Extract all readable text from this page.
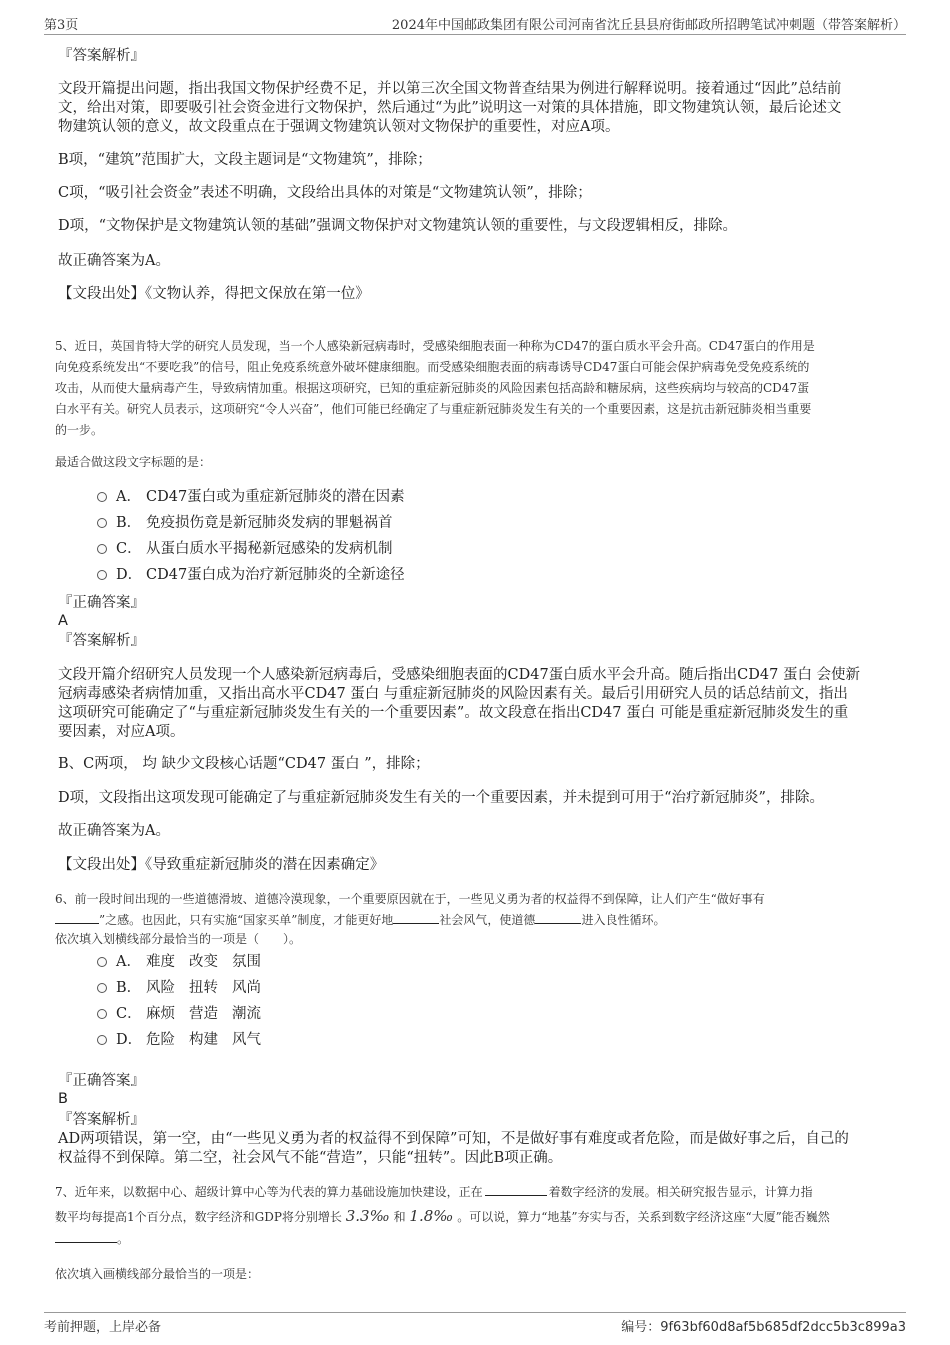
第3页	2024年中国邮政集团有限公司河南省沈丘县县府街邮政所招聘笔试冲刺题（带答案解析）
『答案解析』
文段开篇提出问题，指出我国文物保护经费不足，并以第三次全国文物普查结果为例进行解释说明。接着通过“因此”总结前
文，给出对策，即要吸引社会资金进行文物保护，然后通过“为此”说明这一对策的具体措施，即文物建筑认领，最后论述文
物建筑认领的意义，故文段重点在于强调文物建筑认领对文物保护的重要性，对应A项。
B项，“建筑”范围扩大，文段主题词是“文物建筑”，排除；
C项，“吸引社会资金”表述不明确，文段给出具体的对策是“文物建筑认领”，排除；
D项，“文物保护是文物建筑认领的基础”强调文物保护对文物建筑认领的重要性，与文段逻辑相反，排除。
故正确答案为A。
【文段出处】《文物认养，得把文保放在第一位》
5、近日，英国肯特大学的研究人员发现，当一个人感染新冠病毒时，受感染细胞表面一种称为CD47的蛋白质水平会升高。CD47蛋白的作用是
向免疫系统发出“不要吃我”的信号，阻止免疫系统意外破坏健康细胞。而受感染细胞表面的病毒诱导CD47蛋白可能会保护病毒免受免疫系统的
攻击，从而使大量病毒产生，导致病情加重。根据这项研究，已知的重症新冠肺炎的风险因素包括高龄和糖尿病，这些疾病均与较高的CD47蛋
白水平有关。研究人员表示，这项研究“令人兴奋”，他们可能已经确定了与重症新冠肺炎发生有关的一个重要因素，这是抗击新冠肺炎相当重要
的一步。
最适合做这段文字标题的是：
A． CD47蛋白或为重症新冠肺炎的潜在因素
B． 免疫损伤竟是新冠肺炎发病的罪魁祸首
C． 从蛋白质水平揭秘新冠感染的发病机制
D． CD47蛋白成为治疗新冠肺炎的全新途径
『正确答案』
A
『答案解析』
文段开篇介绍研究人员发现一个人感染新冠病毒后，受感染细胞表面的CD47蛋白质水平会升高。随后指出CD47 蛋白 会使新
冠病毒感染者病情加重，又指出高水平CD47 蛋白 与重症新冠肺炎的风险因素有关。最后引用研究人员的话总结前文，指出
这项研究可能确定了“与重症新冠肺炎发生有关的一个重要因素”。故文段意在指出CD47 蛋白 可能是重症新冠肺炎发生的重
要因素，对应A项。
B、C两项， 均 缺少文段核心话题“CD47 蛋白 ”，排除；
D项，文段指出这项发现可能确定了与重症新冠肺炎发生有关的一个重要因素，并未提到可用于“治疗新冠肺炎”，排除。
故正确答案为A。
【文段出处】《导致重症新冠肺炎的潜在因素确定》
6、前一段时间出现的一些道德滑坡、道德冷漠现象，一个重要原因就在于，一些见义勇为者的权益得不到保障，让人们产生“做好事有
”之感。也因此，只有实施“国家买单”制度，才能更好地	社会风气，使道德	进入良性循环。
依次填入划横线部分最恰当的一项是（　　）。
A． 难度 改变 氛围
B． 风险 扭转 风尚
C． 麻烦 营造 潮流
D． 危险 构建 风气
『正确答案』
B
『答案解析』
AD两项错误，第一空，由“一些见义勇为者的权益得不到保障”可知，不是做好事有难度或者危险，而是做好事之后，自己的
权益得不到保障。第二空，社会风气不能“营造”，只能“扭转”。因此B项正确。
7、近年来，以数据中心、超级计算中心等为代表的算力基础设施加快建设，正在	着数字经济的发展。相关研究报告显示，计算力指
数平均每提高1个百分点，数字经济和GDP将分别增长 3.3‰ 和 1.8‰ 。可以说，算力“地基”夯实与否，关系到数字经济这座“大厦”能否巍然
。
依次填入画横线部分最恰当的一项是：
考前押题，上岸必备	编号：9f63bf60d8af5b685df2dcc5b3c899a3
